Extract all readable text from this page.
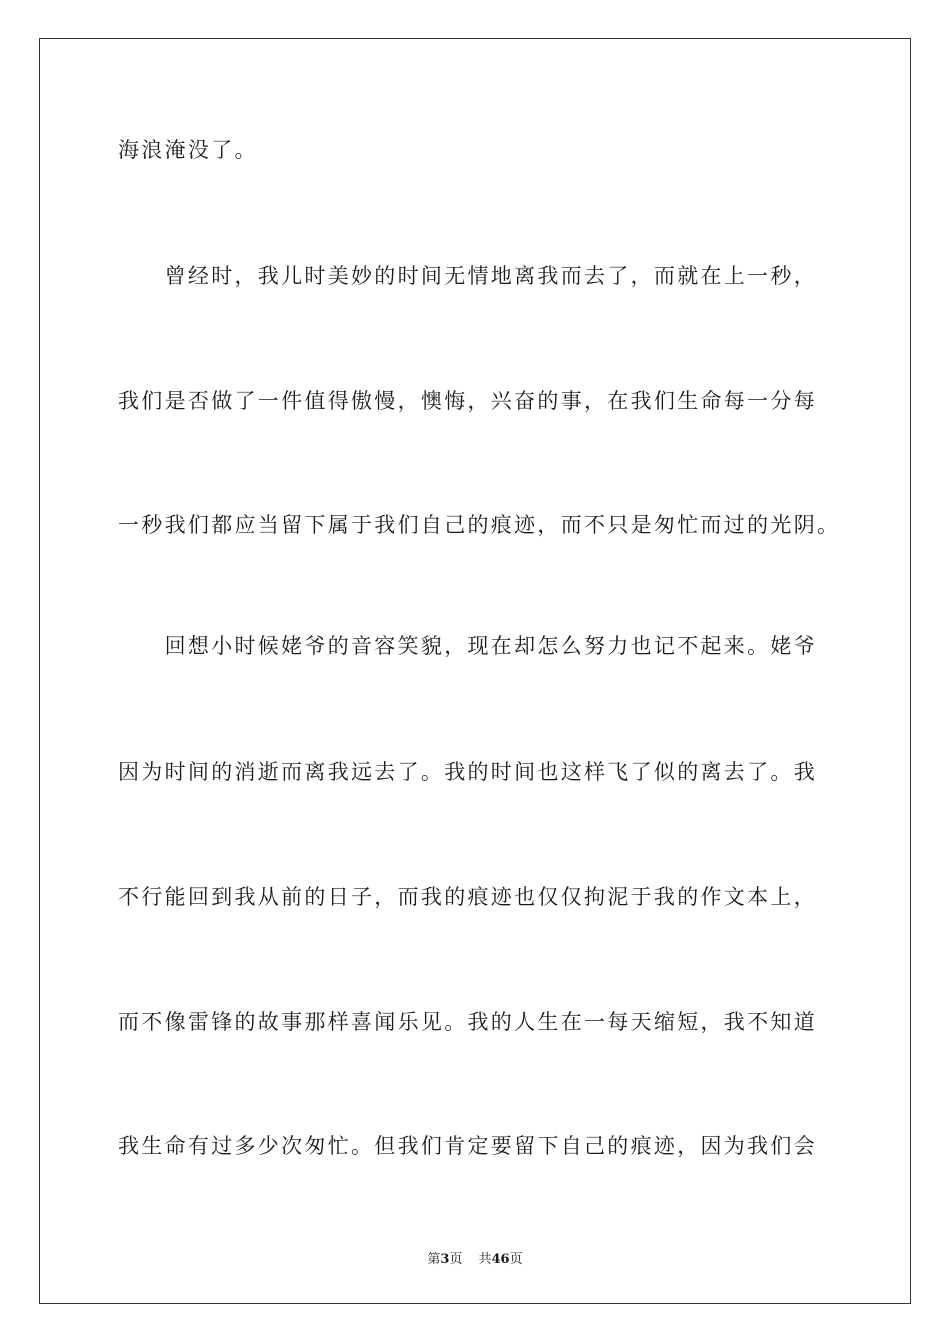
海浪淹没了。
　　曾经时，我儿时美妙的时间无情地离我而去了，而就在上一秒，
我们是否做了一件值得傲慢，懊悔，兴奋的事，在我们生命每一分每
一秒我们都应当留下属于我们自己的痕迹，而不只是匆忙而过的光阴。
　　回想小时候姥爷的音容笑貌，现在却怎么努力也记不起来。姥爷
因为时间的消逝而离我远去了。我的时间也这样飞了似的离去了。我
不行能回到我从前的日子，而我的痕迹也仅仅拘泥于我的作文本上，
而不像雷锋的故事那样喜闻乐见。我的人生在一每天缩短，我不知道
我生命有过多少次匆忙。但我们肯定要留下自己的痕迹，因为我们会
第3页 共46页
